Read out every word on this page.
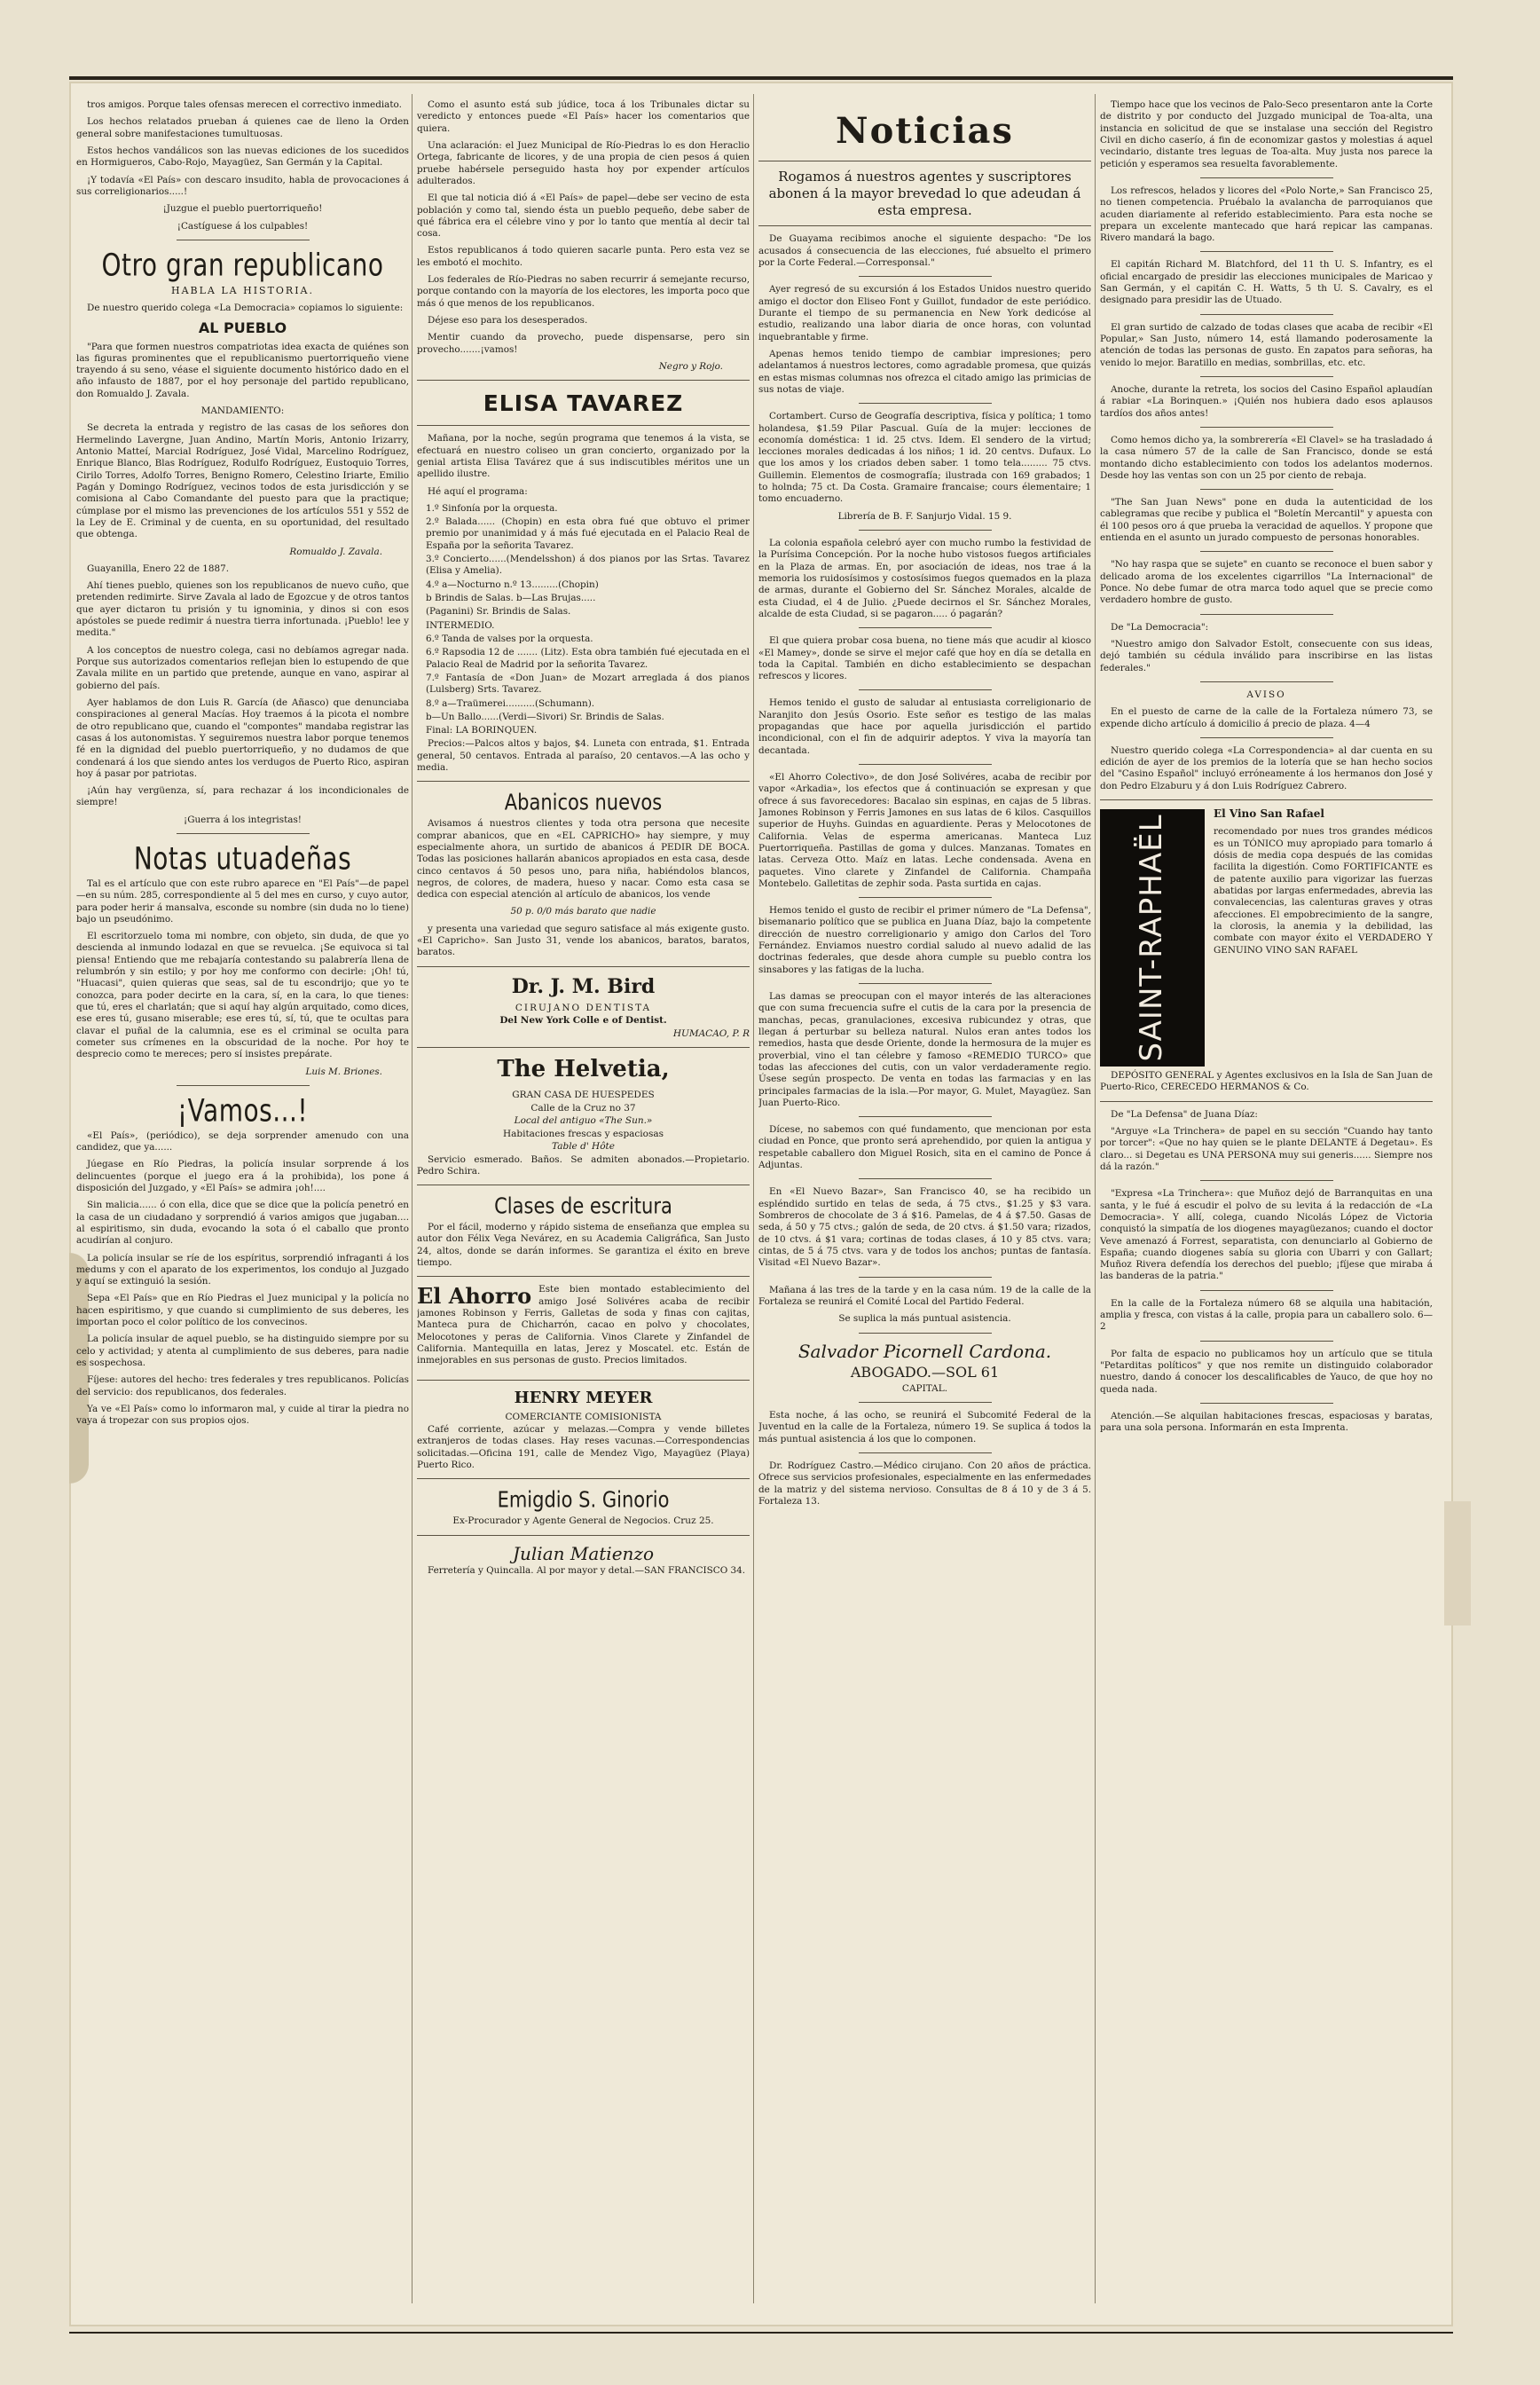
tros amigos. Porque tales ofensas merecen el correctivo inmediato.

Los hechos relatados prueban á quienes cae de lleno la Orden general sobre manifestaciones tumultuosas.

Estos hechos vandálicos son las nuevas ediciones de los sucedidos en Hormigueros, Cabo-Rojo, Mayagüez, San Germán y la Capital.

¡Y todavía «El País» con descaro insudito, habla de provocaciones á sus correligionarios.....!

¡Juzgue el pueblo puertorriqueño!

¡Castíguese á los culpables!

Otro gran republicano
HABLA LA HISTORIA.

De nuestro querido colega «La Democracia» copiamos lo siguiente:

AL PUEBLO

"Para que formen nuestros compatriotas idea exacta de quiénes son las figuras prominentes que el republicanismo puertorriqueño viene trayendo á su seno, véase el siguiente documento histórico dado en el año infausto de 1887, por el hoy personaje del partido republicano, don Romualdo J. Zavala.

MANDAMIENTO:

Se decreta la entrada y registro de las casas de los señores don Hermelindo Lavergne, Juan Andino, Martín Moris, Antonio Irizarry, Antonio Matteí, Marcial Rodríguez, José Vidal, Marcelino Rodríguez, Enrique Blanco, Blas Rodríguez, Rodulfo Rodríguez, Eustoquio Torres, Cirilo Torres, Adolfo Torres, Benigno Romero, Celestino Iriarte, Emilio Pagán y Domingo Rodríguez, vecinos todos de esta jurisdicción y se comisiona al Cabo Comandante del puesto para que la practique; cúmplase por el mismo las prevenciones de los artículos 551 y 552 de la Ley de E. Criminal y de cuenta, en su oportunidad, del resultado que obtenga.

Romualdo J. Zavala.

Guayanilla, Enero 22 de 1887.

Ahí tienes pueblo, quienes son los republicanos de nuevo cuño, que pretenden redimirte. Sirve Zavala al lado de Egozcue y de otros tantos que ayer dictaron tu prisión y tu ignominia, y dinos si con esos apóstoles se puede redimir á nuestra tierra infortunada. ¡Pueblo! lee y medita."

A los conceptos de nuestro colega, casi no debíamos agregar nada. Porque sus autorizados comentarios reflejan bien lo estupendo de que Zavala milite en un partido que pretende, aunque en vano, aspirar al gobierno del país.

Ayer hablamos de don Luis R. García (de Añasco) que denunciaba conspiraciones al general Macías. Hoy traemos á la picota el nombre de otro republicano que, cuando el "compontes" mandaba registrar las casas á los autonomistas. Y seguiremos nuestra labor porque tenemos fé en la dignidad del pueblo puertorriqueño, y no dudamos de que condenará á los que siendo antes los verdugos de Puerto Rico, aspiran hoy á pasar por patriotas.

¡Aún hay vergüenza, sí, para rechazar á los incondicionales de siempre!

¡Guerra á los integristas!

Notas utuadeñas

Tal es el artículo que con este rubro aparece en "El País"—de papel—en su núm. 285, correspondiente al 5 del mes en curso, y cuyo autor, para poder herir á mansalva, esconde su nombre (sin duda no lo tiene) bajo un pseudónimo.

El escritorzuelo toma mi nombre, con objeto, sin duda, de que yo descienda al inmundo lodazal en que se revuelca. ¡Se equivoca si tal piensa! Entiendo que me rebajaría contestando su palabrería llena de relumbrón y sin estilo; y por hoy me conformo con decirle: ¡Oh! tú, "Huacasi", quien quieras que seas, sal de tu escondrijo; que yo te conozca, para poder decirte en la cara, sí, en la cara, lo que tienes: que tú, eres el charlatán; que si aquí hay algún arquitado, como dices, ese eres tú, gusano miserable; ese eres tú, sí, tú, que te ocultas para clavar el puñal de la calumnia, ese es el criminal se oculta para cometer sus crímenes en la obscuridad de la noche. Por hoy te desprecio como te mereces; pero sí insistes prepárate.

Luis M. Briones.

¡Vamos...!

«El País», (periódico), se deja sorprender amenudo con una candidez, que ya......

Júegase en Río Piedras, la policía insular sorprende á los delincuentes (porque el juego era á la prohibida), los pone á disposición del Juzgado, y «El País» se admira ¡oh!....

Sin malicia...... ó con ella, dice que se dice que la policía penetró en la casa de un ciudadano y sorprendió á varios amigos que jugaban.... al espiritismo, sin duda, evocando la sota ó el caballo que pronto acudirían al conjuro.

La policía insular se ríe de los espíritus, sorprendió infraganti á los medums y con el aparato de los experimentos, los condujo al Juzgado y aquí se extinguió la sesión.

Sepa «El País» que en Río Piedras el Juez municipal y la policía no hacen espiritismo, y que cuando si cumplimiento de sus deberes, les importan poco el color político de los convecinos.

La policía insular de aquel pueblo, se ha distinguido siempre por su celo y actividad; y atenta al cumplimiento de sus deberes, para nadie es sospechosa.

Fíjese: autores del hecho: tres federales y tres republicanos. Policías del servicio: dos republicanos, dos federales.

Ya ve «El País» como lo informaron mal, y cuide al tirar la piedra no vaya á tropezar con sus propios ojos.

Como el asunto está sub júdice, toca á los Tribunales dictar su veredicto y entonces puede «El País» hacer los comentarios que quiera.

Una aclaración: el Juez Municipal de Río-Piedras lo es don Heraclio Ortega, fabricante de licores, y de una propia de cien pesos á quien pruebe habérsele perseguido hasta hoy por expender artículos adulterados.

El que tal noticia dió á «El País» de papel—debe ser vecino de esta población y como tal, siendo ésta un pueblo pequeño, debe saber de qué fábrica era el célebre vino y por lo tanto que mentía al decir tal cosa.

Estos republicanos á todo quieren sacarle punta. Pero esta vez se les embotó el mochito.

Los federales de Río-Piedras no saben recurrir á semejante recurso, porque contando con la mayoría de los electores, les importa poco que más ó que menos de los republicanos.

Déjese eso para los desesperados.

Mentir cuando da provecho, puede dispensarse, pero sin provecho.......¡vamos!

Negro y Rojo.

ELISA TAVAREZ

Mañana, por la noche, según programa que tenemos á la vista, se efectuará en nuestro coliseo un gran concierto, organizado por la genial artista Elisa Tavárez que á sus indiscutibles méritos une un apellido ilustre.

Hé aquí el programa:

1.º Sinfonía por la orquesta.

2.º Balada...... (Chopin) en esta obra fué que obtuvo el primer premio por unanimidad y á más fué ejecutada en el Palacio Real de España por la señorita Tavarez.

3.º Concierto......(Mendelsshon) á dos pianos por las Srtas. Tavarez (Elisa y Amelia).

4.º a—Nocturno n.º 13.........(Chopin)

b Brindis de Salas. b—Las Brujas.....

(Paganini) Sr. Brindis de Salas.

INTERMEDIO.

6.º Tanda de valses por la orquesta.

6.º Rapsodia 12 de ....... (Litz). Esta obra también fué ejecutada en el Palacio Real de Madrid por la señorita Tavarez.

7.º Fantasía de «Don Juan» de Mozart arreglada á dos pianos (Lulsberg) Srts. Tavarez.

8.º a—Traümerei..........(Schumann).

b—Un Ballo......(Verdi—Sivori) Sr. Brindis de Salas.

Final: LA BORINQUEN.

Precios:—Palcos altos y bajos, $4. Luneta con entrada, $1. Entrada general, 50 centavos. Entrada al paraíso, 20 centavos.—A las ocho y media.

Abanicos nuevos

Avisamos á nuestros clientes y toda otra persona que necesite comprar abanicos, que en «EL CAPRICHO» hay siempre, y muy especialmente ahora, un surtido de abanicos á PEDIR DE BOCA. Todas las posiciones hallarán abanicos apropiados en esta casa, desde cinco centavos á 50 pesos uno, para niña, habiéndolos blancos, negros, de colores, de madera, hueso y nacar. Como esta casa se dedica con especial atención al artículo de abanicos, los vende

50 p. 0/0 más barato que nadie

y presenta una variedad que seguro satisface al más exigente gusto. «El Capricho». San Justo 31, vende los abanicos, baratos, baratos, baratos.

Dr. J. M. Bird

CIRUJANO DENTISTA

Del New York Colle e of Dentist.

HUMACAO, P. R

The Helvetia,

GRAN CASA DE HUESPEDES

Calle de la Cruz no 37

Local del antiguo «The Sun.»

Habitaciones frescas y espaciosas

Table d' Hôte

Servicio esmerado. Baños. Se admiten abonados.—Propietario. Pedro Schira.

Clases de escritura

Por el fácil, moderno y rápido sistema de enseñanza que emplea su autor don Félix Vega Nevárez, en su Academia Caligráfica, San Justo 24, altos, donde se darán informes. Se garantiza el éxito en breve tiempo.

El Ahorro Este bien montado establecimiento del amigo José Solivéres acaba de recibir jamones Robinson y Ferris, Galletas de soda y finas con cajitas, Manteca pura de Chicharrón, cacao en polvo y chocolates, Melocotones y peras de California. Vinos Clarete y Zinfandel de California. Mantequilla en latas, Jerez y Moscatel. etc. Están de inmejorables en sus personas de gusto. Precios limitados.

HENRY MEYER

COMERCIANTE COMISIONISTA

Café corriente, azúcar y melazas.—Compra y vende billetes extranjeros de todas clases. Hay reses vacunas.—Correspondencias solicitadas.—Oficina 191, calle de Mendez Vigo, Mayagüez (Playa) Puerto Rico.

Emigdio S. Ginorio

Ex-Procurador y Agente General de Negocios. Cruz 25.

Julian Matienzo

Ferretería y Quincalla. Al por mayor y detal.—SAN FRANCISCO 34.

Noticias

Rogamos á nuestros agentes y suscriptores abonen á la mayor brevedad lo que adeudan á esta empresa.

De Guayama recibimos anoche el siguiente despacho: "De los acusados á consecuencia de las elecciones, fué absuelto el primero por la Corte Federal.—Corresponsal."

Ayer regresó de su excursión á los Estados Unidos nuestro querido amigo el doctor don Eliseo Font y Guillot, fundador de este periódico. Durante el tiempo de su permanencia en New York dedicóse al estudio, realizando una labor diaria de once horas, con voluntad inquebrantable y firme.

Apenas hemos tenido tiempo de cambiar impresiones; pero adelantamos á nuestros lectores, como agradable promesa, que quizás en estas mismas columnas nos ofrezca el citado amigo las primicias de sus notas de viaje.

Cortambert. Curso de Geografía descriptiva, física y política; 1 tomo holandesa, $1.59 Pilar Pascual. Guía de la mujer: lecciones de economía doméstica: 1 id. 25 ctvs. Idem. El sendero de la virtud; lecciones morales dedicadas á los niños; 1 id. 20 centvs. Dufaux. Lo que los amos y los criados deben saber. 1 tomo tela......... 75 ctvs. Guillemin. Elementos de cosmografía; ilustrada con 169 grabados; 1 to holnda; 75 ct. Da Costa. Gramaire francaise; cours élementaire; 1 tomo encuaderno.

Librería de B. F. Sanjurjo Vidal. 15 9.

La colonia española celebró ayer con mucho rumbo la festividad de la Purísima Concepción. Por la noche hubo vistosos fuegos artificiales en la Plaza de armas. En, por asociación de ideas, nos trae á la memoria los ruidosísimos y costosísimos fuegos quemados en la plaza de armas, durante el Gobierno del Sr. Sánchez Morales, alcalde de esta Ciudad, el 4 de Julio. ¿Puede decirnos el Sr. Sánchez Morales, alcalde de esta Ciudad, si se pagaron..... ó pagarán?

El que quiera probar cosa buena, no tiene más que acudir al kiosco «El Mamey», donde se sirve el mejor café que hoy en día se detalla en toda la Capital. También en dicho establecimiento se despachan refrescos y licores.

Hemos tenido el gusto de saludar al entusiasta correligionario de Naranjito don Jesús Osorio. Este señor es testigo de las malas propagandas que hace por aquella jurisdicción el partido incondicional, con el fin de adquirir adeptos. Y viva la mayoría tan decantada.

«El Ahorro Colectivo», de don José Solivéres, acaba de recibir por vapor «Arkadia», los efectos que á continuación se expresan y que ofrece á sus favorecedores: Bacalao sin espinas, en cajas de 5 libras. Jamones Robinson y Ferris Jamones en sus latas de 6 kilos. Casquillos superior de Huyhs. Guindas en aguardiente. Peras y Melocotones de California. Velas de esperma americanas. Manteca Luz Puertorriqueña. Pastillas de goma y dulces. Manzanas. Tomates en latas. Cerveza Otto. Maíz en latas. Leche condensada. Avena en paquetes. Vino clarete y Zinfandel de California. Champaña Montebelo. Galletitas de zephir soda. Pasta surtida en cajas.

Hemos tenido el gusto de recibir el primer número de "La Defensa", bisemanario político que se publica en Juana Díaz, bajo la competente dirección de nuestro correligionario y amigo don Carlos del Toro Fernández. Enviamos nuestro cordial saludo al nuevo adalid de las doctrinas federales, que desde ahora cumple su pueblo contra los sinsabores y las fatigas de la lucha.

Las damas se preocupan con el mayor interés de las alteraciones que con suma frecuencia sufre el cutis de la cara por la presencia de manchas, pecas, granulaciones, excesiva rubicundez y otras, que llegan á perturbar su belleza natural. Nulos eran antes todos los remedios, hasta que desde Oriente, donde la hermosura de la mujer es proverbial, vino el tan célebre y famoso «REMEDIO TURCO» que todas las afecciones del cutis, con un valor verdaderamente regio. Úsese según prospecto. De venta en todas las farmacias y en las principales farmacias de la isla.—Por mayor, G. Mulet, Mayagüez. San Juan Puerto-Rico.

Dícese, no sabemos con qué fundamento, que mencionan por esta ciudad en Ponce, que pronto será aprehendido, por quien la antigua y respetable caballero don Miguel Rosich, sita en el camino de Ponce á Adjuntas.

En «El Nuevo Bazar», San Francisco 40, se ha recibido un espléndido surtido en telas de seda, á 75 ctvs., $1.25 y $3 vara. Sombreros de chocolate de 3 á $16. Pamelas, de 4 á $7.50. Gasas de seda, á 50 y 75 ctvs.; galón de seda, de 20 ctvs. á $1.50 vara; rizados, de 10 ctvs. á $1 vara; cortinas de todas clases, á 10 y 85 ctvs. vara; cintas, de 5 á 75 ctvs. vara y de todos los anchos; puntas de fantasía. Visitad «El Nuevo Bazar».

Mañana á las tres de la tarde y en la casa núm. 19 de la calle de la Fortaleza se reunirá el Comité Local del Partido Federal.

Se suplica la más puntual asistencia.

Salvador Picornell Cardona.

ABOGADO.—SOL 61

CAPITAL.

Esta noche, á las ocho, se reunirá el Subcomité Federal de la Juventud en la calle de la Fortaleza, número 19. Se suplica á todos la más puntual asistencia á los que lo componen.

Dr. Rodríguez Castro.—Médico cirujano. Con 20 años de práctica. Ofrece sus servicios profesionales, especialmente en las enfermedades de la matriz y del sistema nervioso. Consultas de 8 á 10 y de 3 á 5. Fortaleza 13.

Tiempo hace que los vecinos de Palo-Seco presentaron ante la Corte de distrito y por conducto del Juzgado municipal de Toa-alta, una instancia en solicitud de que se instalase una sección del Registro Civil en dicho caserío, á fin de economizar gastos y molestias á aquel vecindario, distante tres leguas de Toa-alta. Muy justa nos parece la petición y esperamos sea resuelta favorablemente.

Los refrescos, helados y licores del «Polo Norte,» San Francisco 25, no tienen competencia. Pruébalo la avalancha de parroquianos que acuden diariamente al referido establecimiento. Para esta noche se prepara un excelente mantecado que hará repicar las campanas. Rivero mandará la bago.

El capitán Richard M. Blatchford, del 11 th U. S. Infantry, es el oficial encargado de presidir las elecciones municipales de Maricao y San Germán, y el capitán C. H. Watts, 5 th U. S. Cavalry, es el designado para presidir las de Utuado.

El gran surtido de calzado de todas clases que acaba de recibir «El Popular,» San Justo, número 14, está llamando poderosamente la atención de todas las personas de gusto. En zapatos para señoras, ha venido lo mejor. Baratillo en medias, sombrillas, etc. etc.

Anoche, durante la retreta, los socios del Casino Español aplaudían á rabiar «La Borinquen.» ¡Quién nos hubiera dado esos aplausos tardíos dos años antes!

Como hemos dicho ya, la sombrerería «El Clavel» se ha trasladado á la casa número 57 de la calle de San Francisco, donde se está montando dicho establecimiento con todos los adelantos modernos. Desde hoy las ventas son con un 25 por ciento de rebaja.

"The San Juan News" pone en duda la autenticidad de los cablegramas que recibe y publica el "Boletín Mercantil" y apuesta con él 100 pesos oro á que prueba la veracidad de aquellos. Y propone que entienda en el asunto un jurado compuesto de personas honorables.

"No hay raspa que se sujete" en cuanto se reconoce el buen sabor y delicado aroma de los excelentes cigarrillos "La Internacional" de Ponce. No debe fumar de otra marca todo aquel que se precie como verdadero hombre de gusto.

De "La Democracia":

"Nuestro amigo don Salvador Estolt, consecuente con sus ideas, dejó también su cédula inválido para inscribirse en las listas federales."

AVISO

En el puesto de carne de la calle de la Fortaleza número 73, se expende dicho artículo á domicilio á precio de plaza. 4—4

Nuestro querido colega «La Correspondencia» al dar cuenta en su edición de ayer de los premios de la lotería que se han hecho socios del "Casino Español" incluyó erróneamente á los hermanos don José y don Pedro Elzaburu y á don Luis Rodríguez Cabrero.

SAINT-RAPHAËL

El Vino San Rafael

recomendado por nues tros grandes médicos es un TÓNICO muy apropiado para tomarlo á dósis de media copa después de las comidas facilita la digestión. Como FORTIFICANTE es de patente auxilio para vigorizar las fuerzas abatidas por largas enfermedades, abrevia las convalecencias, las calenturas graves y otras afecciones. El empobrecimiento de la sangre, la clorosis, la anemia y la debilidad, las combate con mayor éxito el VERDADERO Y GENUINO VINO SAN RAFAEL

DEPÓSITO GENERAL y Agentes exclusivos en la Isla de San Juan de Puerto-Rico, CERECEDO HERMANOS & Co.

De "La Defensa" de Juana Díaz:

"Arguye «La Trinchera» de papel en su sección "Cuando hay tanto por torcer": «Que no hay quien se le plante DELANTE á Degetau». Es claro... si Degetau es UNA PERSONA muy sui generis...... Siempre nos dá la razón."

"Expresa «La Trinchera»: que Muñoz dejó de Barranquitas en una santa, y le fué á escudir el polvo de su levita á la redacción de «La Democracia». Y allí, colega, cuando Nicolás López de Victoria conquistó la simpatía de los diogenes mayagüezanos; cuando el doctor Veve amenazó á Forrest, separatista, con denunciarlo al Gobierno de España; cuando diogenes sabía su gloria con Ubarri y con Gallart; Muñoz Rivera defendía los derechos del pueblo; ¡fíjese que miraba á las banderas de la patria."

En la calle de la Fortaleza número 68 se alquila una habitación, amplia y fresca, con vistas á la calle, propia para un caballero solo. 6—2

Por falta de espacio no publicamos hoy un artículo que se titula "Petarditas políticos" y que nos remite un distinguido colaborador nuestro, dando á conocer los descalificables de Yauco, de que hoy no queda nada.

Atención.—Se alquilan habitaciones frescas, espaciosas y baratas, para una sola persona. Informarán en esta Imprenta.
